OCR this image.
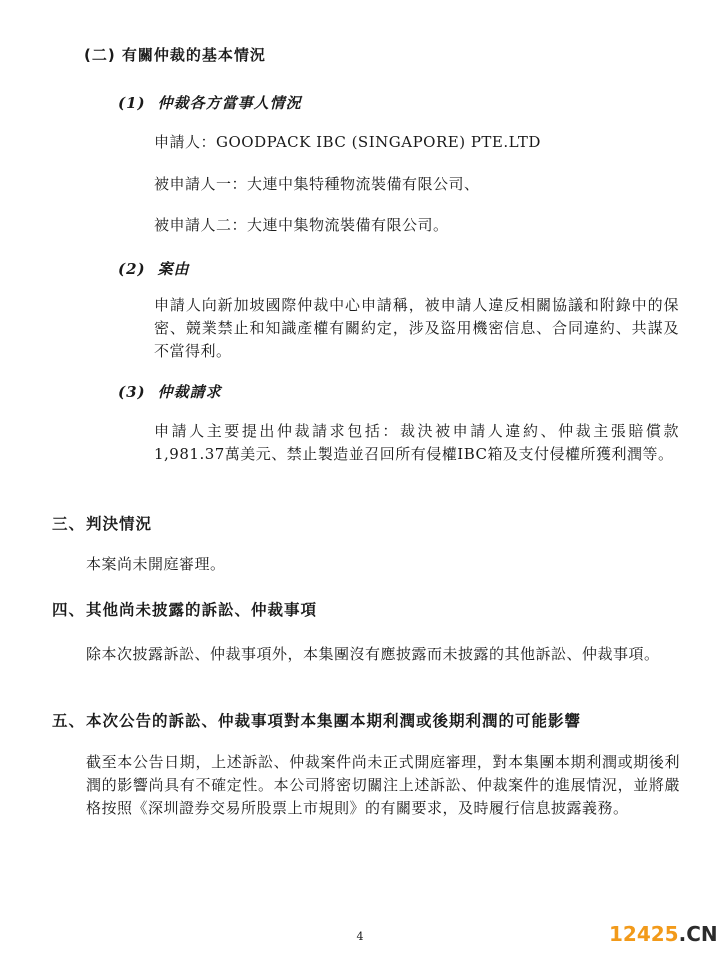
(二) 有關仲裁的基本情況
(1) 仲裁各方當事人情況
申請人：GOODPACK IBC (SINGAPORE) PTE.LTD
被申請人一：大連中集特種物流裝備有限公司、
被申請人二：大連中集物流裝備有限公司。
(2) 案由
申請人向新加坡國際仲裁中心申請稱，被申請人違反相關協議和附錄中的保密、競業禁止和知識產權有關約定，涉及盜用機密信息、合同違約、共謀及不當得利。
(3) 仲裁請求
申請人主要提出仲裁請求包括：裁決被申請人違約、仲裁主張賠償款1,981.37萬美元、禁止製造並召回所有侵權IBC箱及支付侵權所獲利潤等。
三、判決情況
本案尚未開庭審理。
四、其他尚未披露的訴訟、仲裁事項
除本次披露訴訟、仲裁事項外，本集團沒有應披露而未披露的其他訴訟、仲裁事項。
五、本次公告的訴訟、仲裁事項對本集團本期利潤或後期利潤的可能影響
截至本公告日期，上述訴訟、仲裁案件尚未正式開庭審理，對本集團本期利潤或期後利潤的影響尚具有不確定性。本公司將密切關注上述訴訟、仲裁案件的進展情況，並將嚴格按照《深圳證券交易所股票上市規則》的有關要求，及時履行信息披露義務。
4	12425.CN
